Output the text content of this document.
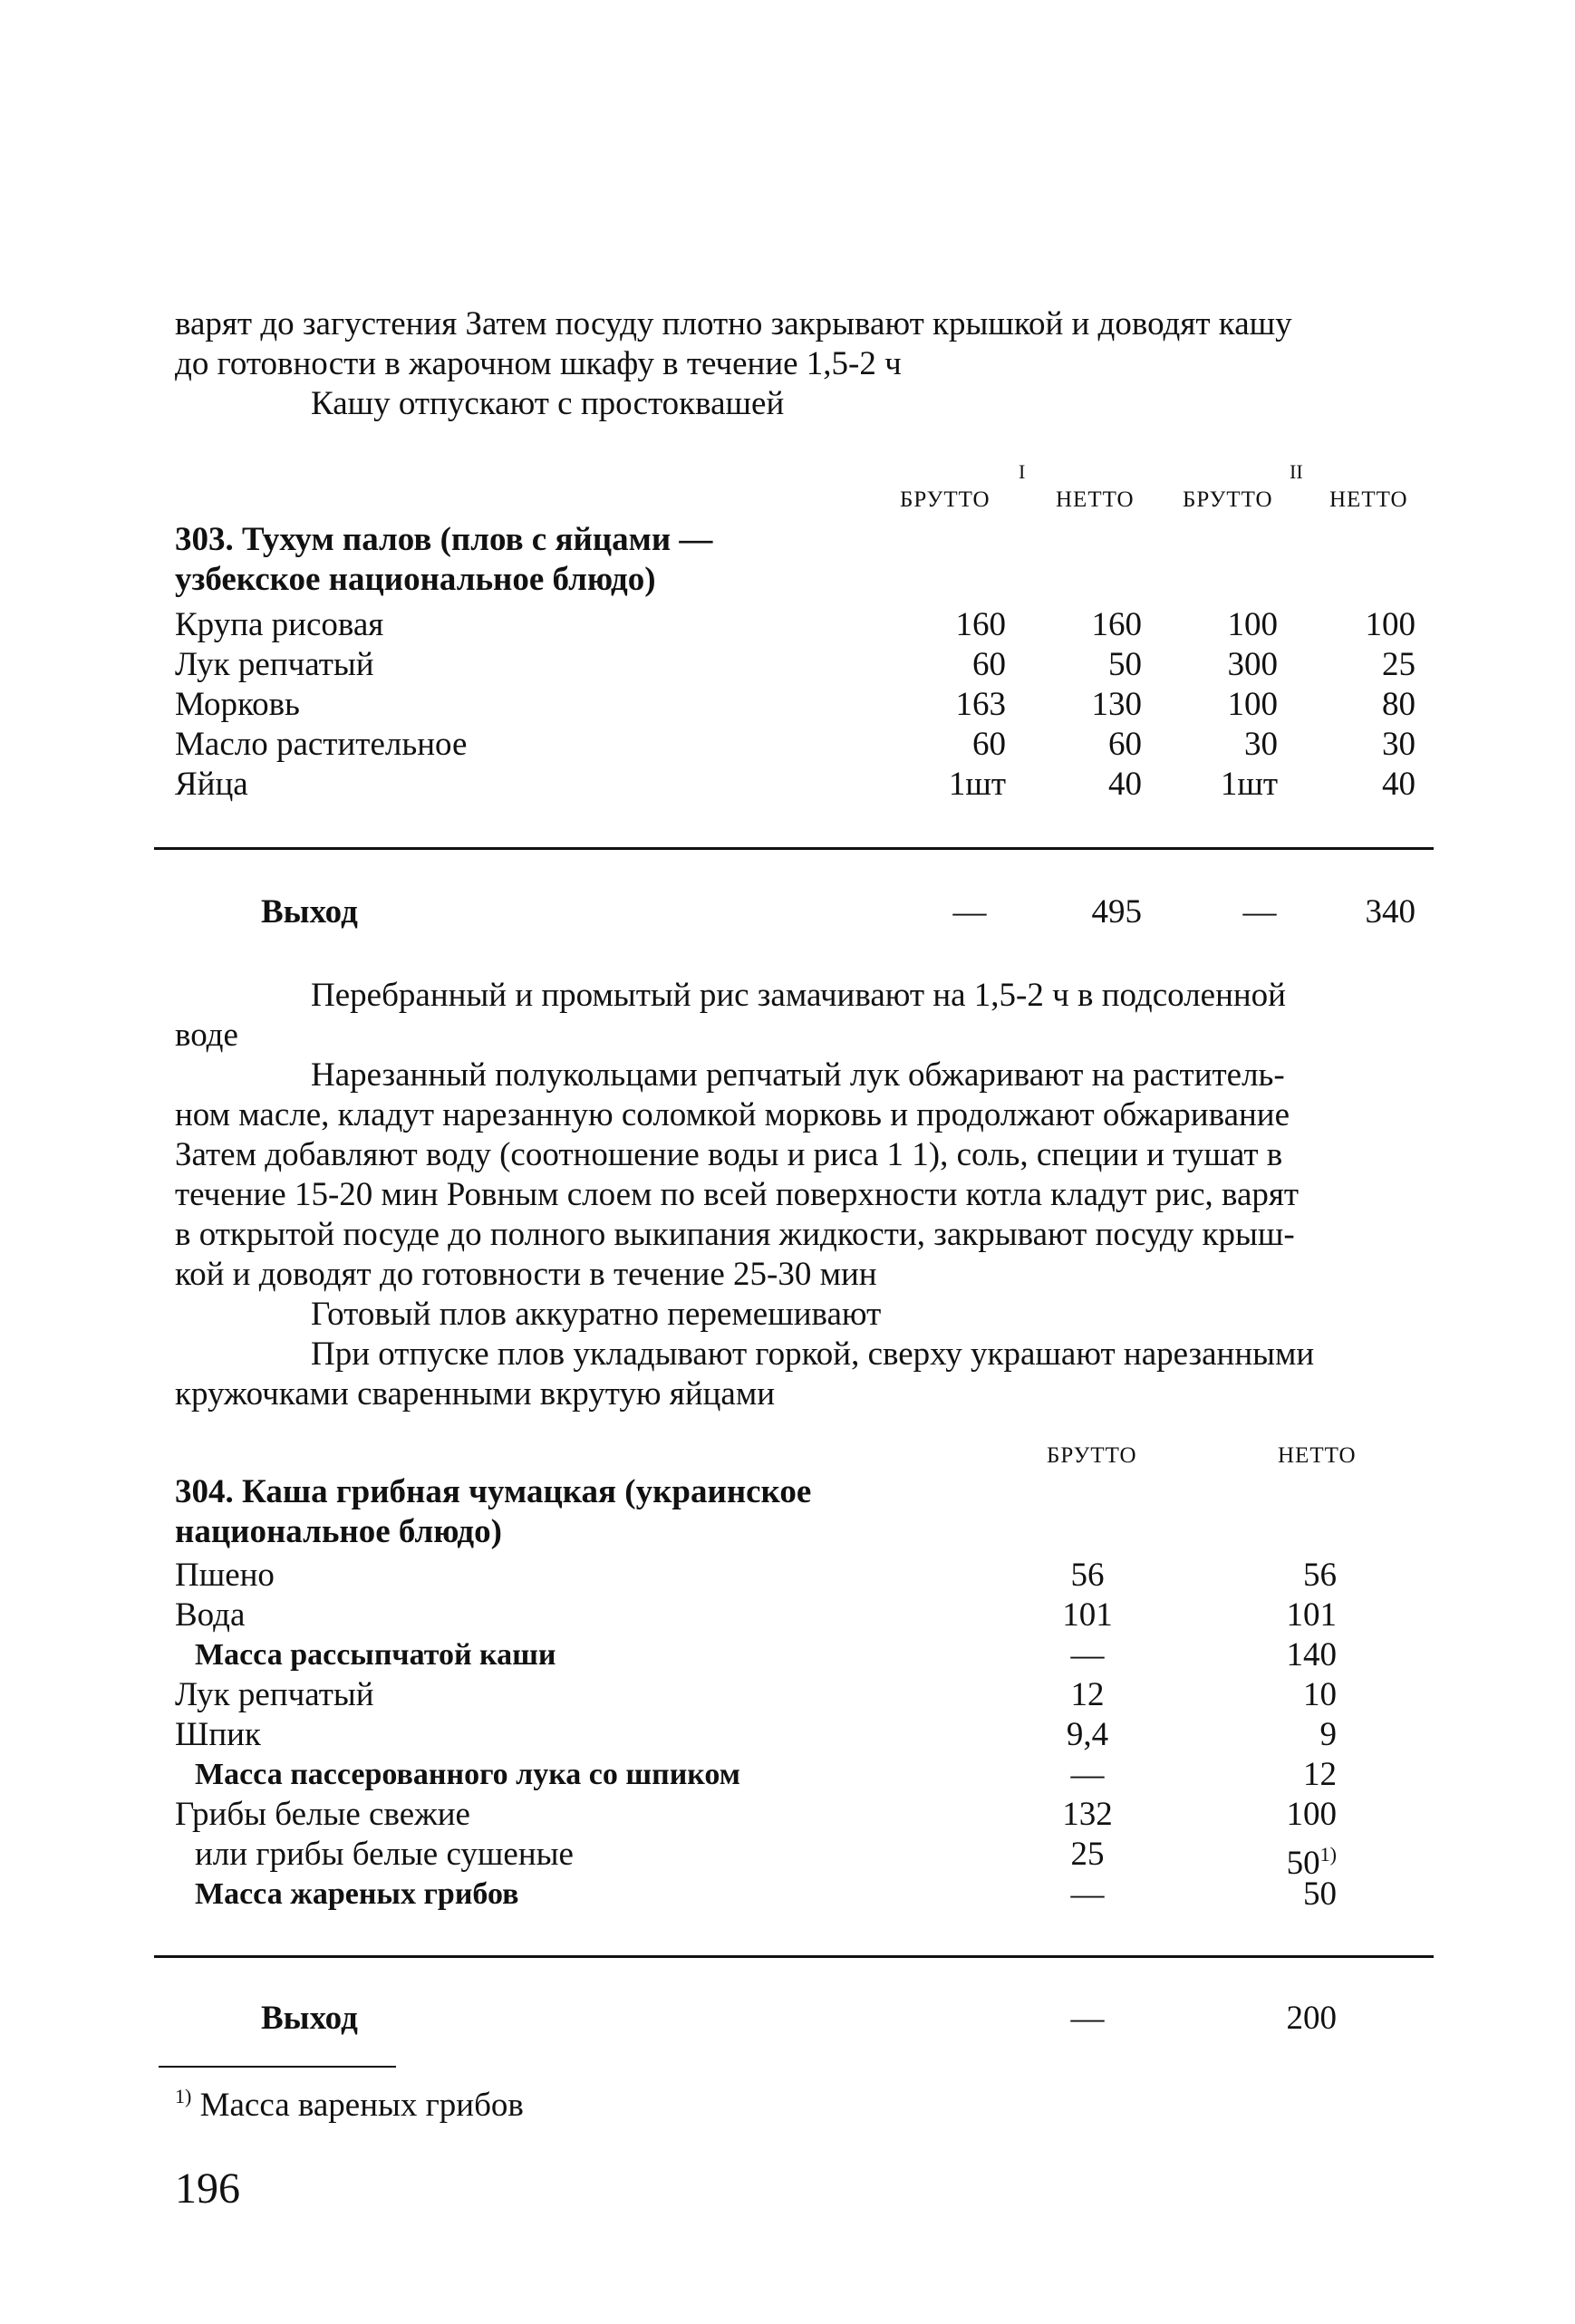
варят до загустения Затем посуду плотно закрывают крышкой и доводят кашу
до готовности в жарочном шкафу в течение 1,5-2 ч
Кашу отпускают с простоквашей
I	II
БРУТТО	НЕТТО БРУТТО НЕТТО
303. Тухум палов (плов с яйцами —
узбекское национальное блюдо)
Крупа рисовая	160	160	100	100
Лук репчатый	60	50	300	25
Морковь	163	130	100	80
Масло растительное	60	60	30	30
Яйца	1шт	40	1шт	40
Выход	—	495	—	340
Перебранный и промытый рис замачивают на 1,5-2 ч в подсоленной
воде
Нарезанный полукольцами репчатый лук обжаривают на раститель-
ном масле, кладут нарезанную соломкой морковь и продолжают обжаривание
Затем добавляют воду (соотношение воды и риса 1 1), соль, специи и тушат в
течение 15-20 мин Ровным слоем по всей поверхности котла кладут рис, варят
в открытой посуде до полного выкипания жидкости, закрывают посуду крыш-
кой и доводят до готовности в течение 25-30 мин
Готовый плов аккуратно перемешивают
При отпуске плов укладывают горкой, сверху украшают нарезанными
кружочками сваренными вкрутую яйцами
БРУТТО	НЕТТО
304. Каша грибная чумацкая (украинское
национальное блюдо)
Пшено	56	56
Вода	101	101
Масса рассыпчатой каши	—	140
Лук репчатый	12	10
Шпик	9,4	9
Масса пассерованного лука со шпиком	—	12
Грибы белые свежие	132	100
или грибы белые сушеные	25	50$^{1)}$
Масса жареных грибов	—	50
Выход	—	200
$^{1)}$ Масса вареных грибов
196
